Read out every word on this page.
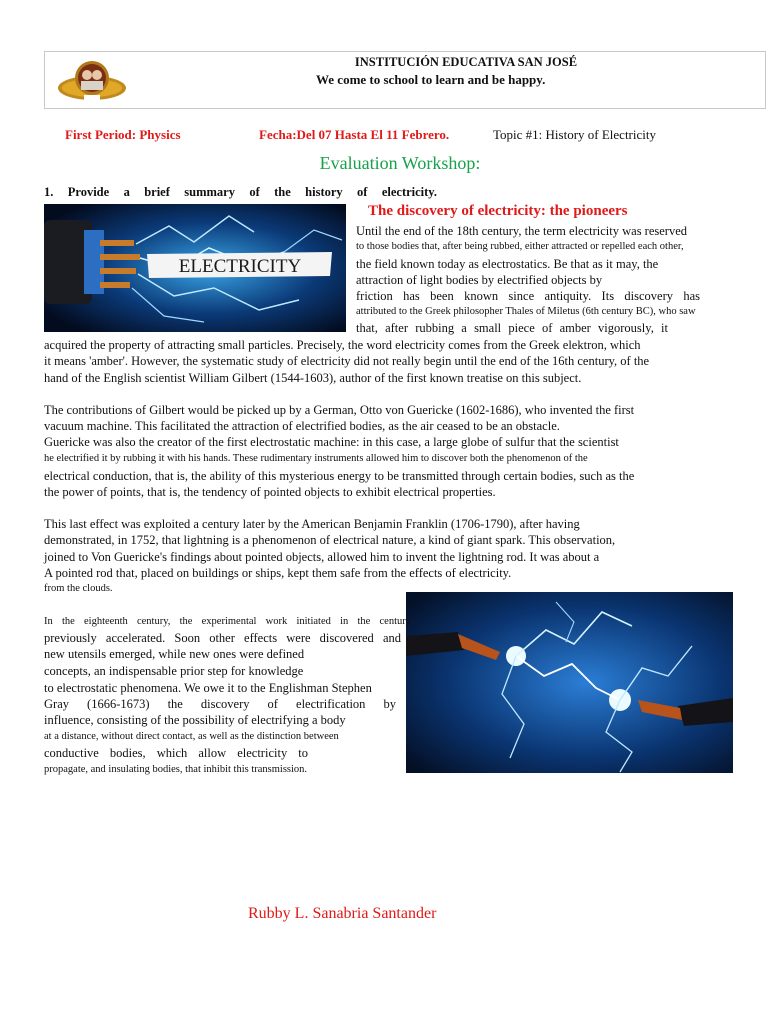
INSTITUCIÓN EDUCATIVA SAN JOSÉ
We come to school to learn and be happy.
First Period: Physics	Fecha:Del 07 Hasta El 11 Febrero.	Topic #1: History of Electricity
Evaluation Workshop:
1. Provide a brief summary of the history of electricity.
ELECTRICITY
The discovery of electricity: the pioneers
Until the end of the 18th century, the term electricity was reserved
to those bodies that, after being rubbed, either attracted or repelled each other,
the field known today as electrostatics. Be that as it may, the
attraction of light bodies by electrified objects by
friction has been known since antiquity. Its discovery has
attributed to the Greek philosopher Thales of Miletus (6th century BC), who saw
that, after rubbing a small piece of amber vigorously, it
acquired the property of attracting small particles. Precisely, the word electricity comes from the Greek elektron, which
it means 'amber'. However, the systematic study of electricity did not really begin until the end of the 16th century, of the
hand of the English scientist William Gilbert (1544-1603), author of the first known treatise on this subject.
The contributions of Gilbert would be picked up by a German, Otto von Guericke (1602-1686), who invented the first
vacuum machine. This facilitated the attraction of electrified bodies, as the air ceased to be an obstacle.
Guericke was also the creator of the first electrostatic machine: in this case, a large globe of sulfur that the scientist
he electrified it by rubbing it with his hands. These rudimentary instruments allowed him to discover both the phenomenon of the
electrical conduction, that is, the ability of this mysterious energy to be transmitted through certain bodies, such as the
the power of points, that is, the tendency of pointed objects to exhibit electrical properties.
This last effect was exploited a century later by the American Benjamin Franklin (1706-1790), after having
demonstrated, in 1752, that lightning is a phenomenon of electrical nature, a kind of giant spark. This observation,
joined to Von Guericke's findings about pointed objects, allowed him to invent the lightning rod. It was about a
A pointed rod that, placed on buildings or ships, kept them safe from the effects of electricity.
from the clouds.
In the eighteenth century, the experimental work initiated in the century
previously accelerated. Soon other effects were discovered and
new utensils emerged, while new ones were defined
concepts, an indispensable prior step for knowledge
to electrostatic phenomena. We owe it to the Englishman Stephen
Gray (1666-1673) the discovery of electrification by
influence, consisting of the possibility of electrifying a body
at a distance, without direct contact, as well as the distinction between
conductive bodies, which allow electricity to
propagate, and insulating bodies, that inhibit this transmission.
Rubby L. Sanabria Santander
